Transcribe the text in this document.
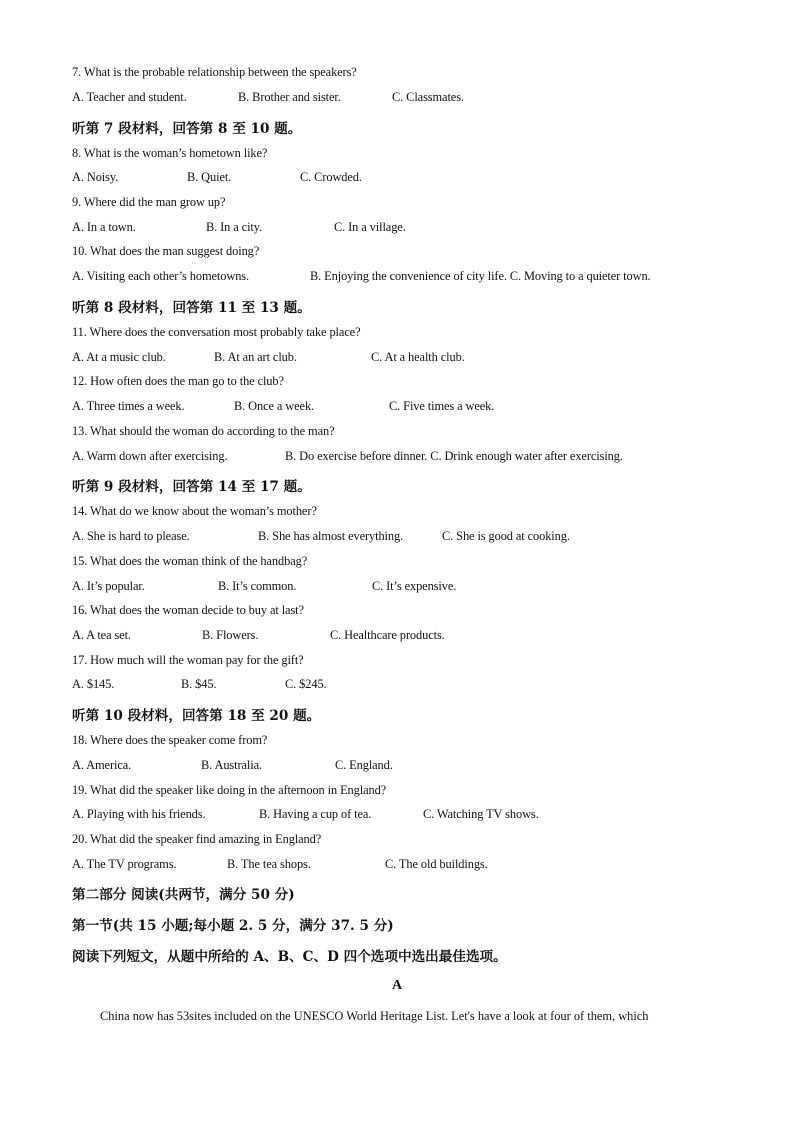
7. What is the probable relationship between the speakers?
A. Teacher and student.	B. Brother and sister.	C. Classmates.
听第 7 段材料，回答第 8 至 10 题。
8. What is the woman’s hometown like?
A. Noisy.	B. Quiet.	C. Crowded.
9. Where did the man grow up?
A. In a town.	B. In a city.	C. In a village.
10. What does the man suggest doing?
A. Visiting each other’s hometowns.	B. Enjoying the convenience of city life. C. Moving to a quieter town.
听第 8 段材料，回答第 11 至 13 题。
11. Where does the conversation most probably take place?
A. At a music club.	B. At an art club.	C. At a health club.
12. How often does the man go to the club?
A. Three times a week.	B. Once a week.	C. Five times a week.
13. What should the woman do according to the man?
A. Warm down after exercising.	B. Do exercise before dinner. C. Drink enough water after exercising.
听第 9 段材料，回答第 14 至 17 题。
14. What do we know about the woman’s mother?
A. She is hard to please.	B. She has almost everything.	C. She is good at cooking.
15. What does the woman think of the handbag?
A. It’s popular.	B. It’s common.	C. It’s expensive.
16. What does the woman decide to buy at last?
A. A tea set.	B. Flowers.	C. Healthcare products.
17. How much will the woman pay for the gift?
A. $145.	B. $45.	C. $245.
听第 10 段材料，回答第 18 至 20 题。
18. Where does the speaker come from?
A. America.	B. Australia.	C. England.
19. What did the speaker like doing in the afternoon in England?
A. Playing with his friends.	B. Having a cup of tea.	C. Watching TV shows.
20. What did the speaker find amazing in England?
A. The TV programs.	B. The tea shops.	C. The old buildings.
第二部分 阅读(共两节，满分 50 分)
第一节(共 15 小题;每小题 2. 5 分，满分 37. 5 分)
阅读下列短文，从题中所给的 A、B、C、D 四个选项中选出最佳选项。
A
China now has 53sites included on the UNESCO World Heritage List. Let's have a look at four of them, which
